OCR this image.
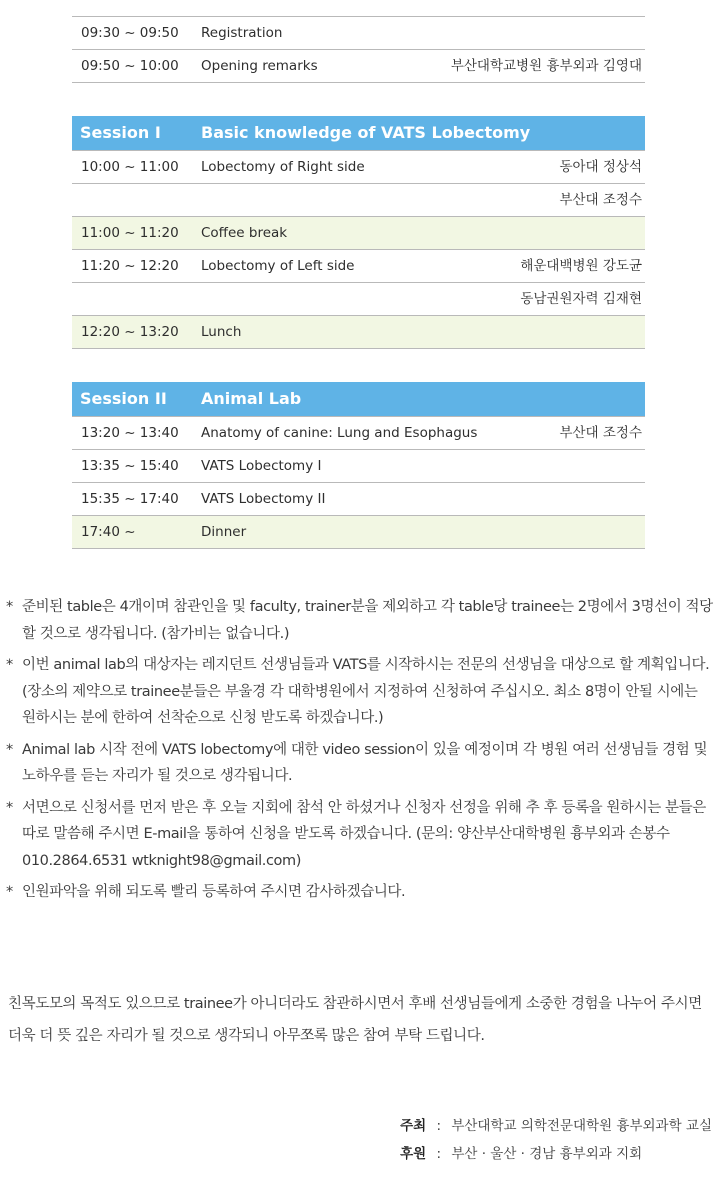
09:30 ~ 09:50 Registration
09:50 ~ 10:00 Opening remarks	부산대학교병원 흉부외과 김영대
Session I	Basic knowledge of VATS Lobectomy
10:00 ~ 11:00 Lobectomy of Right side	동아대 정상석
부산대 조정수
11:00 ~ 11:20 Coffee break
11:20 ~ 12:20 Lobectomy of Left side	해운대백병원 강도균
동남권원자력 김재현
12:20 ~ 13:20 Lunch
Session II Animal Lab
13:20 ~ 13:40 Anatomy of canine: Lung and Esophagus	부산대 조정수
13:35 ~ 15:40 VATS Lobectomy I
15:35 ~ 17:40 VATS Lobectomy II
17:40 ~	Dinner
* 준비된 table은 4개이며 참관인을 및 faculty, trainer분을 제외하고 각 table당 trainee는 2명에서 3명선이 적당할 것으로 생각됩니다. (참가비는 없습니다.)
* 이번 animal lab의 대상자는 레지던트 선생님들과 VATS를 시작하시는 전문의 선생님을 대상으로 할 계획입니다. (장소의 제약으로 trainee분들은 부울경 각 대학병원에서 지정하여 신청하여 주십시오. 최소 8명이 안될 시에는 원하시는 분에 한하여 선착순으로 신청 받도록 하겠습니다.)
* Animal lab 시작 전에 VATS lobectomy에 대한 video session이 있을 예정이며 각 병원 여러 선생님들 경험 및 노하우를 듣는 자리가 될 것으로 생각됩니다.
* 서면으로 신청서를 먼저 받은 후 오늘 지회에 참석 안 하셨거나 신청자 선정을 위해 추 후 등록을 원하시는 분들은 따로 말씀해 주시면 E-mail을 통하여 신청을 받도록 하겠습니다. (문의: 양산부산대학병원 흉부외과 손봉수 010.2864.6531 wtknight98@gmail.com)
* 인원파악을 위해 되도록 빨리 등록하여 주시면 감사하겠습니다.
친목도모의 목적도 있으므로 trainee가 아니더라도 참관하시면서 후배 선생님들에게 소중한 경험을 나누어 주시면 더욱 더 뜻 깊은 자리가 될 것으로 생각되니 아무쪼록 많은 참여 부탁 드립니다.
주최 : 부산대학교 의학전문대학원 흉부외과학 교실
후원 : 부산 · 울산 · 경남 흉부외과 지회
